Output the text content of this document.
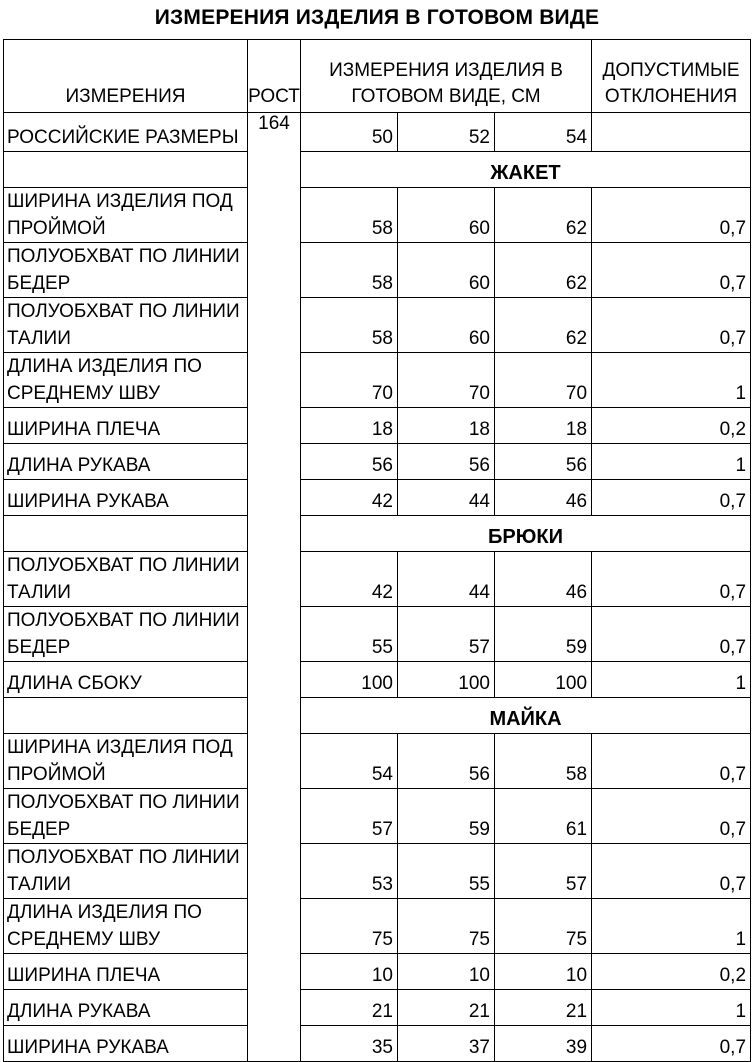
ИЗМЕРЕНИЯ ИЗДЕЛИЯ В ГОТОВОМ ВИДЕ
ИЗМЕРЕНИЯ	РОСТ	ИЗМЕРЕНИЯ ИЗДЕЛИЯ В ГОТОВОМ ВИДЕ, СМ			ДОПУСТИМЫЕ ОТКЛОНЕНИЯ
РОССИЙСКИЕ РАЗМЕРЫ	164	50	52	54	
		ЖАКЕТ			
ШИРИНА ИЗДЕЛИЯ ПОД ПРОЙМОЙ		58	60	62	0,7
ПОЛУОБХВАТ ПО ЛИНИИ БЕДЕР		58	60	62	0,7
ПОЛУОБХВАТ ПО ЛИНИИ ТАЛИИ		58	60	62	0,7
ДЛИНА ИЗДЕЛИЯ ПО СРЕДНЕМУ ШВУ		70	70	70	1
ШИРИНА ПЛЕЧА		18	18	18	0,2
ДЛИНА РУКАВА		56	56	56	1
ШИРИНА РУКАВА		42	44	46	0,7
		БРЮКИ			
ПОЛУОБХВАТ ПО ЛИНИИ ТАЛИИ		42	44	46	0,7
ПОЛУОБХВАТ ПО ЛИНИИ БЕДЕР		55	57	59	0,7
ДЛИНА СБОКУ		100	100	100	1
		МАЙКА			
ШИРИНА ИЗДЕЛИЯ ПОД ПРОЙМОЙ		54	56	58	0,7
ПОЛУОБХВАТ ПО ЛИНИИ БЕДЕР		57	59	61	0,7
ПОЛУОБХВАТ ПО ЛИНИИ ТАЛИИ		53	55	57	0,7
ДЛИНА ИЗДЕЛИЯ ПО СРЕДНЕМУ ШВУ		75	75	75	1
ШИРИНА ПЛЕЧА		10	10	10	0,2
ДЛИНА РУКАВА		21	21	21	1
ШИРИНА РУКАВА		35	37	39	0,7
